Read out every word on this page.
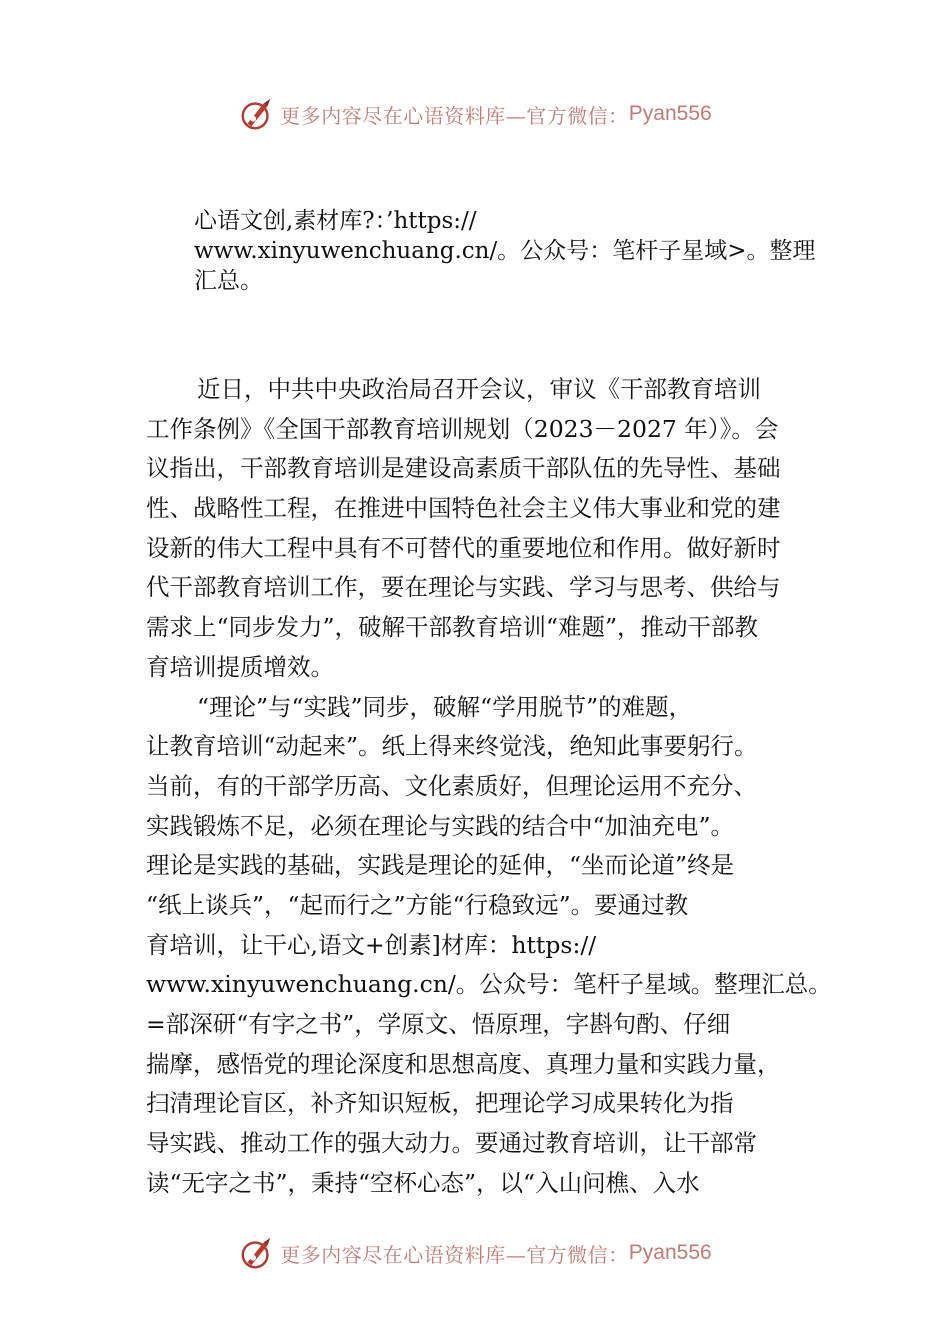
更多内容尽在心语资料库—官方微信： Pyan556
心语文创,素材库?：’https://
www.xinyuwenchuang.cn/。公众号：笔杆子星域>。整理
汇总。
近日，中共中央政治局召开会议，审议《干部教育培训
工作条例》《全国干部教育培训规划（2023－2027 年）》。会
议指出，干部教育培训是建设高素质干部队伍的先导性、基础
性、战略性工程，在推进中国特色社会主义伟大事业和党的建
设新的伟大工程中具有不可替代的重要地位和作用。做好新时
代干部教育培训工作，要在理论与实践、学习与思考、供给与
需求上“同步发力”，破解干部教育培训“难题”，推动干部教
育培训提质增效。
“理论”与“实践”同步，破解“学用脱节”的难题，
让教育培训“动起来”。纸上得来终觉浅，绝知此事要躬行。
当前，有的干部学历高、文化素质好，但理论运用不充分、
实践锻炼不足，必须在理论与实践的结合中“加油充电”。
理论是实践的基础，实践是理论的延伸，“坐而论道”终是
“纸上谈兵”，“起而行之”方能“行稳致远”。要通过教
育培训，让干心,语文+创素]材库：https://
www.xinyuwenchuang.cn/。公众号：笔杆子星域。整理汇总。
=部深研“有字之书”，学原文、悟原理，字斟句酌、仔细
揣摩，感悟党的理论深度和思想高度、真理力量和实践力量，
扫清理论盲区，补齐知识短板，把理论学习成果转化为指
导实践、推动工作的强大动力。要通过教育培训，让干部常
读“无字之书”，秉持“空杯心态”，以“入山问樵、入水
更多内容尽在心语资料库—官方微信： Pyan556
